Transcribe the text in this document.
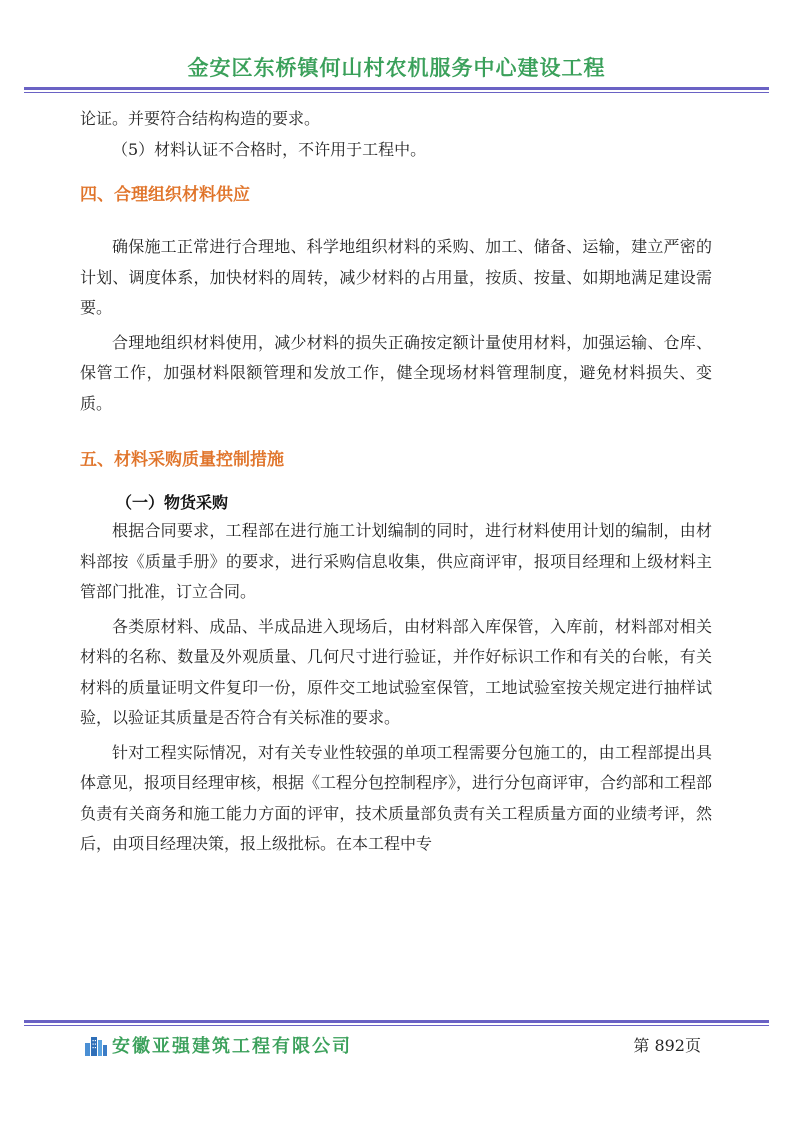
金安区东桥镇何山村农机服务中心建设工程

论证。并要符合结构构造的要求。

（5）材料认证不合格时，不许用于工程中。

四、合理组织材料供应

确保施工正常进行合理地、科学地组织材料的采购、加工、储备、运输，建立严密的计划、调度体系，加快材料的周转，减少材料的占用量，按质、按量、如期地满足建设需要。

合理地组织材料使用，减少材料的损失正确按定额计量使用材料，加强运输、仓库、保管工作，加强材料限额管理和发放工作，健全现场材料管理制度，避免材料损失、变质。

五、材料采购质量控制措施
（一）物货采购

根据合同要求，工程部在进行施工计划编制的同时，进行材料使用计划的编制，由材料部按《质量手册》的要求，进行采购信息收集，供应商评审，报项目经理和上级材料主管部门批准，订立合同。

各类原材料、成品、半成品进入现场后，由材料部入库保管，入库前，材料部对相关材料的名称、数量及外观质量、几何尺寸进行验证，并作好标识工作和有关的台帐，有关材料的质量证明文件复印一份，原件交工地试验室保管，工地试验室按关规定进行抽样试验，以验证其质量是否符合有关标准的要求。

针对工程实际情况，对有关专业性较强的单项工程需要分包施工的，由工程部提出具体意见，报项目经理审核，根据《工程分包控制程序》，进行分包商评审，合约部和工程部负责有关商务和施工能力方面的评审，技术质量部负责有关工程质量方面的业绩考评，然后，由项目经理决策，报上级批标。在本工程中专

安徽亚强建筑工程有限公司	第 892页
